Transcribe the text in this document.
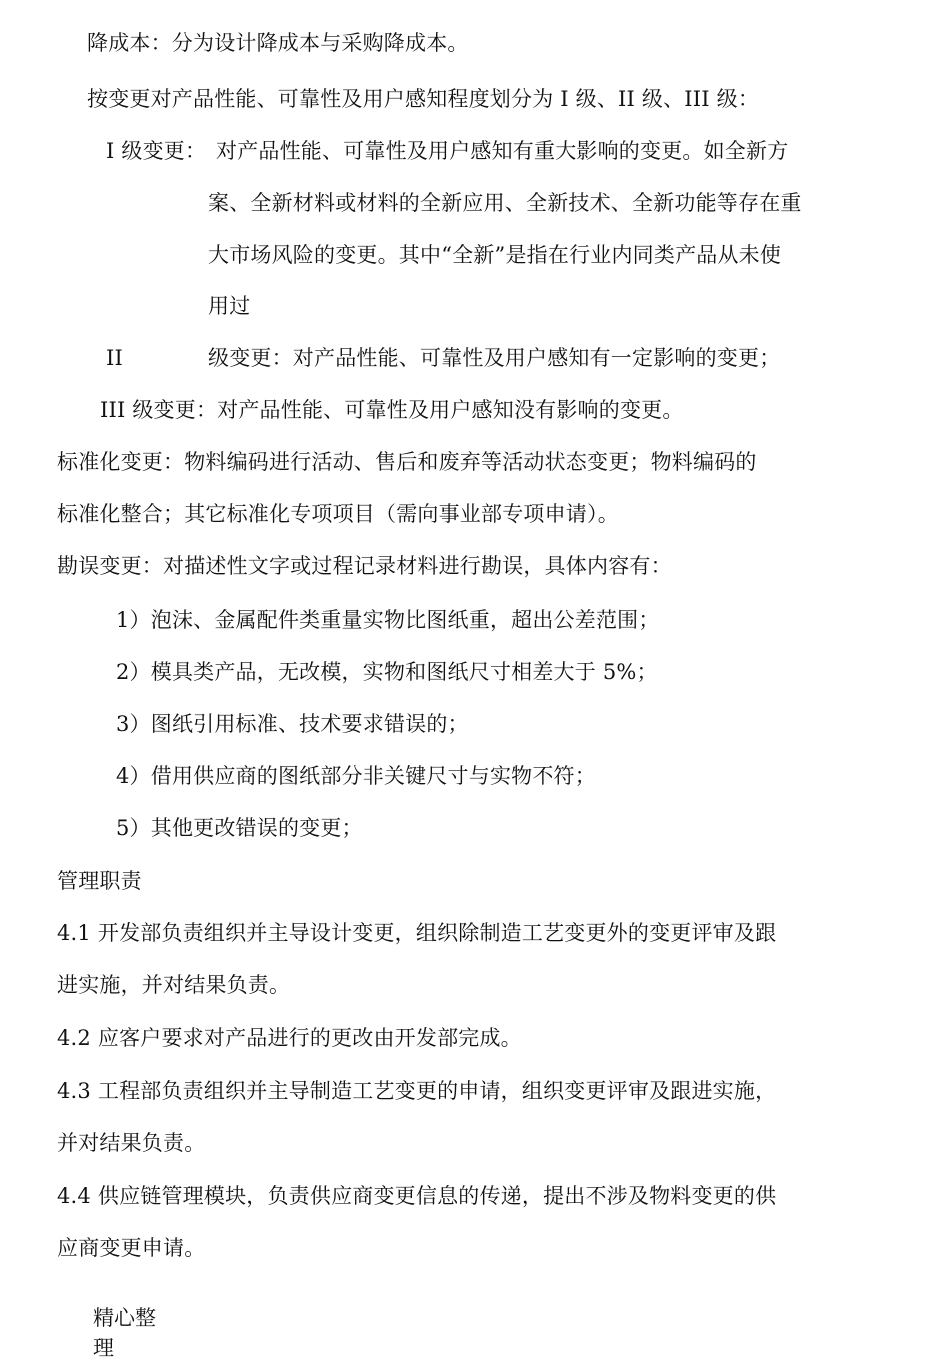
降成本：分为设计降成本与采购降成本。
按变更对产品性能、可靠性及用户感知程度划分为 I 级、II 级、III 级：
I 级变更： 对产品性能、可靠性及用户感知有重大影响的变更。如全新方
案、全新材料或材料的全新应用、全新技术、全新功能等存在重
大市场风险的变更。其中“全新”是指在行业内同类产品从未使
用过
II	级变更：对产品性能、可靠性及用户感知有一定影响的变更；
III 级变更：对产品性能、可靠性及用户感知没有影响的变更。
标准化变更：物料编码进行活动、售后和废弃等活动状态变更；物料编码的
标准化整合；其它标准化专项项目（需向事业部专项申请）。
勘误变更：对描述性文字或过程记录材料进行勘误，具体内容有：
1）泡沫、金属配件类重量实物比图纸重，超出公差范围；
2）模具类产品，无改模，实物和图纸尺寸相差大于 5%；
3）图纸引用标准、技术要求错误的；
4）借用供应商的图纸部分非关键尺寸与实物不符；
5）其他更改错误的变更；
管理职责
4.1 开发部负责组织并主导设计变更，组织除制造工艺变更外的变更评审及跟
进实施，并对结果负责。
4.2 应客户要求对产品进行的更改由开发部完成。
4.3 工程部负责组织并主导制造工艺变更的申请，组织变更评审及跟进实施，
并对结果负责。
4.4 供应链管理模块，负责供应商变更信息的传递，提出不涉及物料变更的供
应商变更申请。
精心整理
